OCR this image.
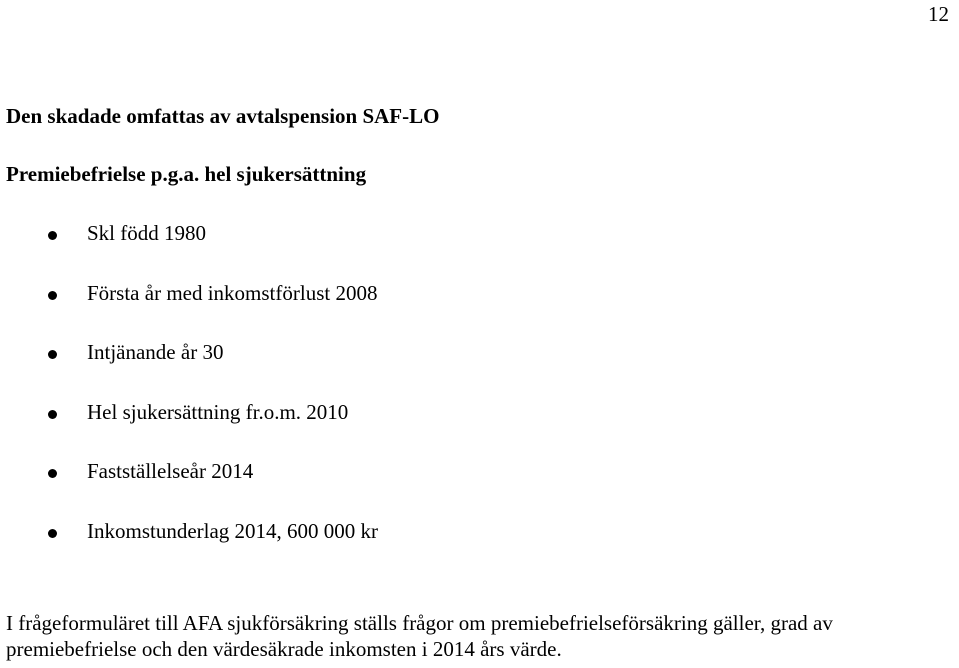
12
Den skadade omfattas av avtalspension SAF-LO
Premiebefrielse p.g.a. hel sjukersättning
Skl född 1980
Första år med inkomstförlust 2008
Intjänande år 30
Hel sjukersättning fr.o.m. 2010
Fastställelseår 2014
Inkomstunderlag 2014, 600 000 kr

I frågeformuläret till AFA sjukförsäkring ställs frågor om premiebefrielseförsäkring gäller, grad av premiebefrielse och den värdesäkrade inkomsten i 2014 års värde.
